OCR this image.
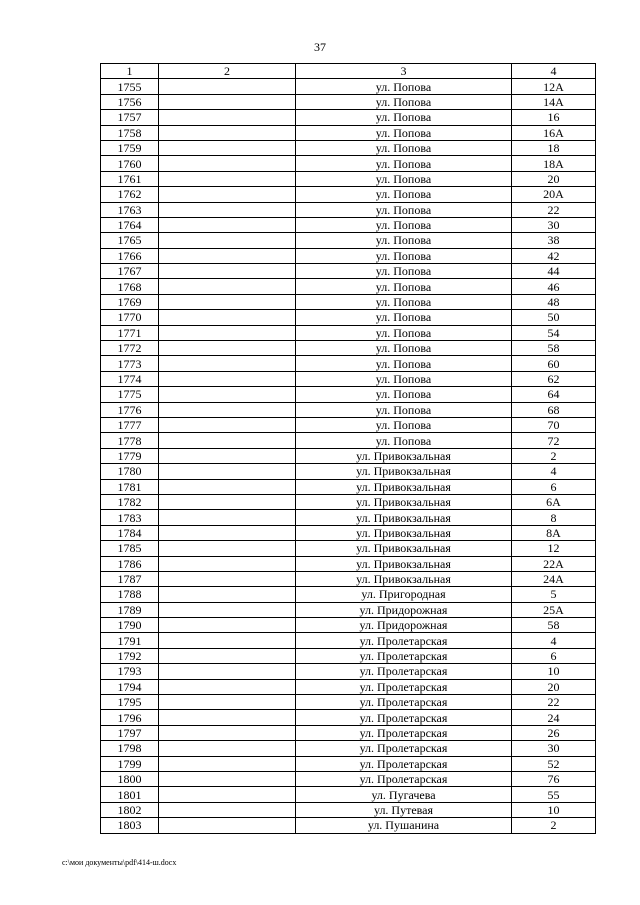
37
1	2	3	4
1755		ул. Попова	12А
1756		ул. Попова	14А
1757		ул. Попова	16
1758		ул. Попова	16А
1759		ул. Попова	18
1760		ул. Попова	18А
1761		ул. Попова	20
1762		ул. Попова	20А
1763		ул. Попова	22
1764		ул. Попова	30
1765		ул. Попова	38
1766		ул. Попова	42
1767		ул. Попова	44
1768		ул. Попова	46
1769		ул. Попова	48
1770		ул. Попова	50
1771		ул. Попова	54
1772		ул. Попова	58
1773		ул. Попова	60
1774		ул. Попова	62
1775		ул. Попова	64
1776		ул. Попова	68
1777		ул. Попова	70
1778		ул. Попова	72
1779		ул. Привокзальная	2
1780		ул. Привокзальная	4
1781		ул. Привокзальная	6
1782		ул. Привокзальная	6А
1783		ул. Привокзальная	8
1784		ул. Привокзальная	8А
1785		ул. Привокзальная	12
1786		ул. Привокзальная	22А
1787		ул. Привокзальная	24А
1788		ул. Пригородная	5
1789		ул. Придорожная	25А
1790		ул. Придорожная	58
1791		ул. Пролетарская	4
1792		ул. Пролетарская	6
1793		ул. Пролетарская	10
1794		ул. Пролетарская	20
1795		ул. Пролетарская	22
1796		ул. Пролетарская	24
1797		ул. Пролетарская	26
1798		ул. Пролетарская	30
1799		ул. Пролетарская	52
1800		ул. Пролетарская	76
1801		ул. Пугачева	55
1802		ул. Путевая	10
1803		ул. Пушанина	2
c:\мои документы\pdf\414-ш.docx
